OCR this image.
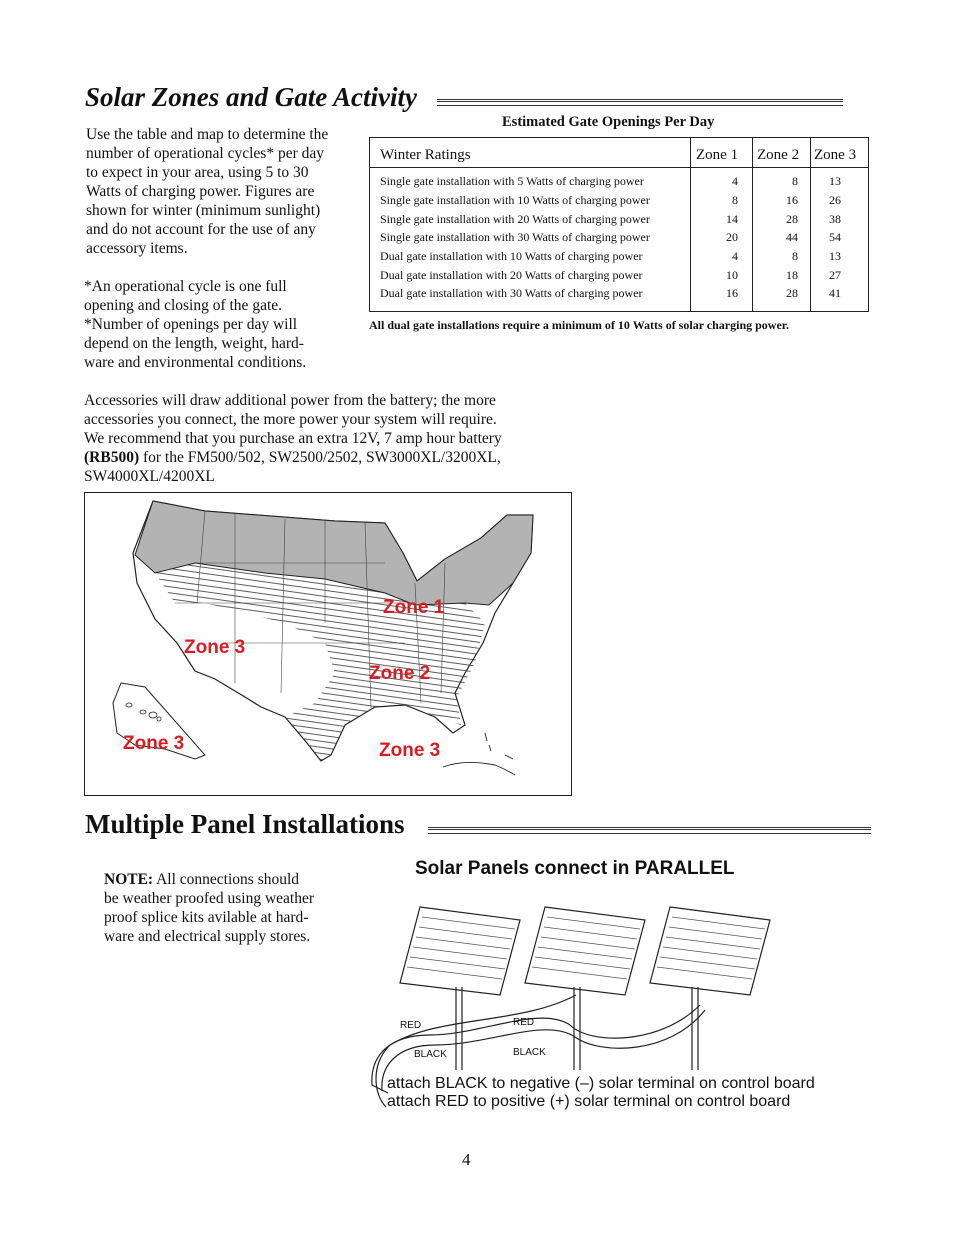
Solar Zones and Gate Activity
Use the table and map to determine the
number of operational cycles* per day
to expect in your area, using 5 to 30
Watts of charging power. Figures are
shown for winter (minimum sunlight)
and do not account for the use of any
accessory items.
*An operational cycle is one full
opening and closing of the gate.
*Number of openings per day will
depend on the length, weight, hard-
ware and environmental conditions.
Estimated Gate Openings Per Day
Winter Ratings	Zone 1 Zone 2 Zone 3
Single gate installation with 5 Watts of charging power	4	8	13
Single gate installation with 10 Watts of charging power	8	16	26
Single gate installation with 20 Watts of charging power	14	28	38
Single gate installation with 30 Watts of charging power	20	44	54
Dual gate installation with 10 Watts of charging power	4	8	13
Dual gate installation with 20 Watts of charging power	10	18	27
Dual gate installation with 30 Watts of charging power	16	28	41
All dual gate installations require a minimum of 10 Watts of solar charging power.
Accessories will draw additional power from the battery; the more
accessories you connect, the more power your system will require.
We recommend that you purchase an extra 12V, 7 amp hour battery
(RB500) for the FM500/502, SW2500/2502, SW3000XL/3200XL,
SW4000XL/4200XL
Zone 1
Zone 2
Zone 3
Zone 3	Zone 3
Multiple Panel Installations
NOTE: All connections should
be weather proofed using weather
proof splice kits avilable at hard-
ware and electrical supply stores.
Solar Panels connect in PARALLEL
RED
BLACK
RED
BLACK
attach BLACK to negative (–) solar terminal on control board
attach RED to positive (+) solar terminal on control board
4
